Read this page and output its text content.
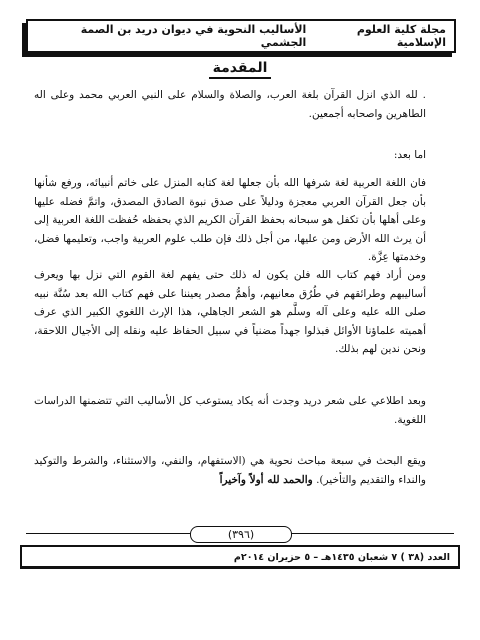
مجلة كلية العلوم الإسلامية
الأساليب النحوية في ديوان دريد بن الصمة الجشمي
المقدمة

. لله الذي انزل القرآن بلغة العرب، والصلاة والسلام على النبي العربي محمد وعلى اله الطاهرين واصحابه أجمعين.

اما بعد:

فان اللغة العربية لغة شرفها الله بأن جعلها لغة كتابه المنزل على خاتم أنبيائه، ورفع شأنها بأن جعل القرآن العربي معجزة ودليلاً على صدق نبوة الصادق المصدق، واتمَّ فضله عليها وعلى أهلها بأن تكفل هو سبحانه بحفظ القرآن الكريم الذي بحفظه حُفظت اللغة العربية إلى أن يرث الله الأرض ومن عليها، من أجل ذلك فإن طلب علوم العربية واجب، وتعليمها فضل، وخدمتها عِزَّة.

ومن أراد فهم كتاب الله فلن يكون له ذلك حتى يفهم لغة القوم التي نزل بها ويعرف أساليبهم وطرائقهم في طُرُق معانيهم، وأهمُّ مصدر يعيننا على فهم كتاب الله بعد سُنَّة نبيه صلى الله عليه وعلى آله وسلَّم هو الشعر الجاهلي، هذا الإرث اللغوي الكبير الذي عرف أهميته علماؤنا الأوائل فبذلوا جهداً مضنياً في سبيل الحفاظ عليه ونقله إلى الأجيال اللاحقة، ونحن ندين لهم بذلك.

وبعد اطلاعي على شعر دريد وجدت أنه يكاد يستوعب كل الأساليب التي تتضمنها الدراسات اللغوية.

ويقع البحث في سبعة مباحث نحوية هي (الاستفهام، والنفي، والاستثناء، والشرط والتوكيد والنداء والتقديم والتأخير). والحمد لله أولاً وآخيراً

(٣٩٦)
العدد (٣٨ ) ٧ شعبان ١٤٣٥هـ – ٥ حزيران ٢٠١٤م
